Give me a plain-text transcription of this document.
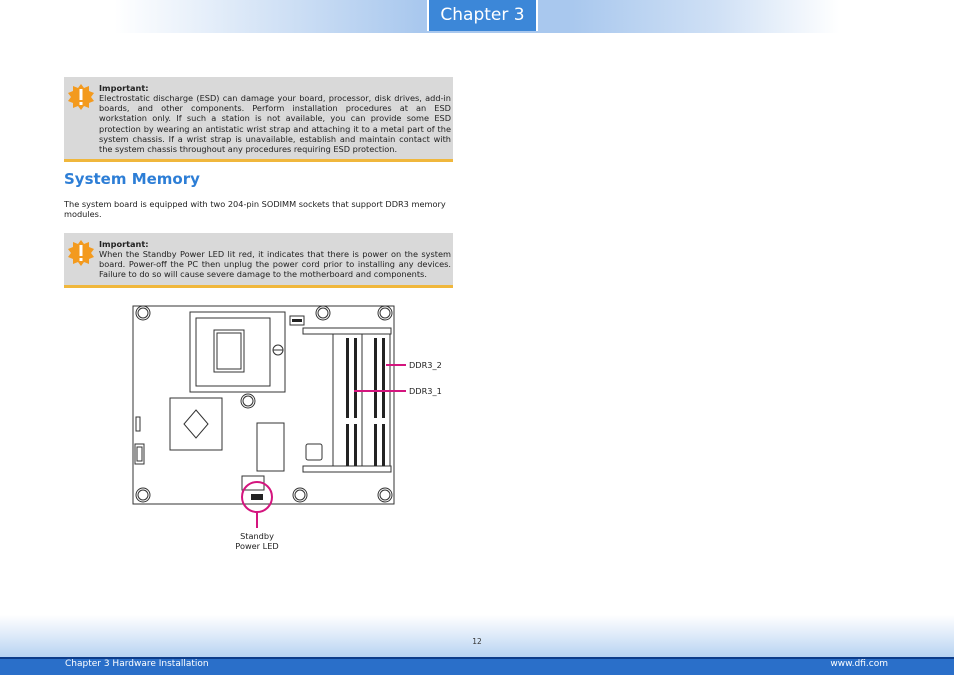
Chapter 3
Important:
Electrostatic discharge (ESD) can damage your board, processor, disk drives, add-in boards, and other components. Perform installation procedures at an ESD workstation only. If such a station is not available, you can provide some ESD protection by wearing an antistatic wrist strap and attaching it to a metal part of the system chassis. If a wrist strap is unavailable, establish and maintain contact with the system chassis throughout any procedures requiring ESD protection.
System Memory
The system board is equipped with two 204-pin SODIMM sockets that support DDR3 memory modules.
Important:
When the Standby Power LED lit red, it indicates that there is power on the system board. Power-off the PC then unplug the power cord prior to installing any devices. Failure to do so will cause severe damage to the motherboard and components.
DDR3_2
DDR3_1
Standby
Power LED
12
Chapter 3 Hardware Installation	www.dfi.com
